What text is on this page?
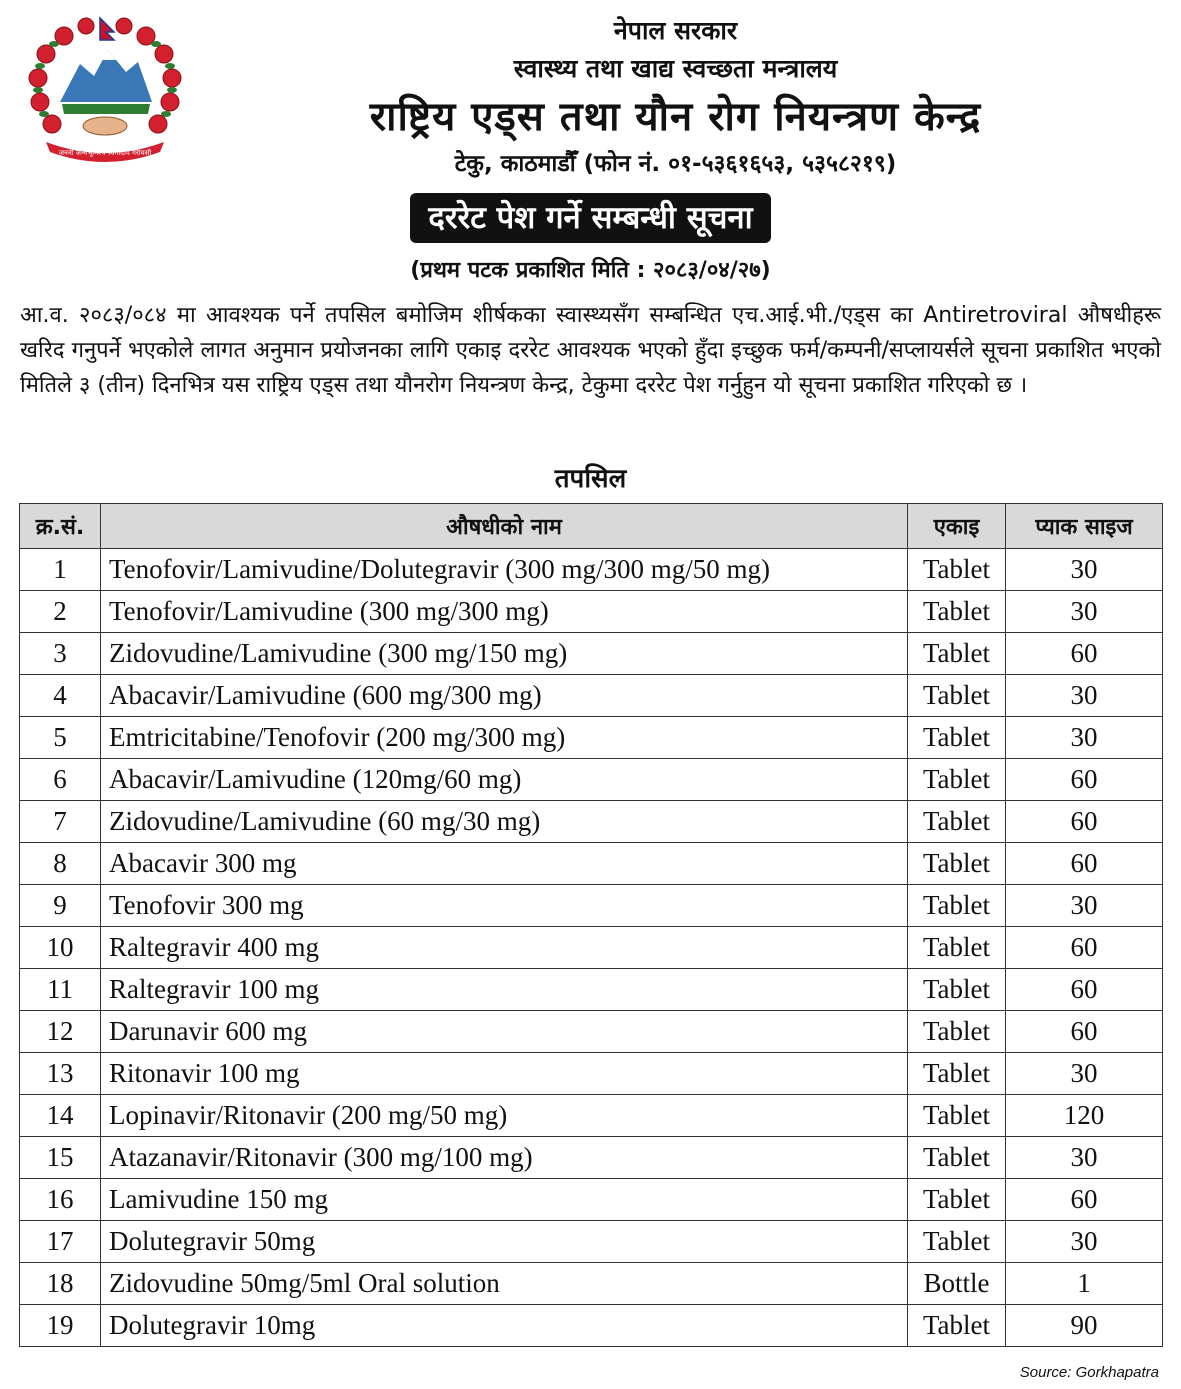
जननी जन्मभूमिश्च स्वर्गादपि गरीयसी
नेपाल सरकार
स्वास्थ्य तथा खाद्य स्वच्छता मन्त्रालय
राष्ट्रिय एड्स तथा यौन रोग नियन्त्रण केन्द्र
टेकु, काठमाडौँ (फोन नं. ०१-५३६१६५३, ५३५८२१९)
दररेट पेश गर्ने सम्बन्धी सूचना
(प्रथम पटक प्रकाशित मिति : २०८३/०४/२७)
आ.व. २०८३/०८४ मा आवश्यक पर्ने तपसिल बमोजिम शीर्षकका स्वास्थ्यसँग सम्बन्धित एच.आई.भी./एड्स का Antiretroviral औषधीहरू खरिद गनुपर्ने भएकोले लागत अनुमान प्रयोजनका लागि एकाइ दररेट आवश्यक भएको हुँदा इच्छुक फर्म/कम्पनी/सप्लायर्सले सूचना प्रकाशित भएको मितिले ३ (तीन) दिनभित्र यस राष्ट्रिय एड्स तथा यौनरोग नियन्त्रण केन्द्र, टेकुमा दररेट पेश गर्नुहुन यो सूचना प्रकाशित गरिएको छ ।
तपसिल
क्र.सं.	औषधीको नाम	एकाइ	प्याक साइज
1	Tenofovir/Lamivudine/Dolutegravir (300 mg/300 mg/50 mg)	Tablet	30
2	Tenofovir/Lamivudine (300 mg/300 mg)	Tablet	30
3	Zidovudine/Lamivudine (300 mg/150 mg)	Tablet	60
4	Abacavir/Lamivudine (600 mg/300 mg)	Tablet	30
5	Emtricitabine/Tenofovir (200 mg/300 mg)	Tablet	30
6	Abacavir/Lamivudine (120mg/60 mg)	Tablet	60
7	Zidovudine/Lamivudine (60 mg/30 mg)	Tablet	60
8	Abacavir 300 mg	Tablet	60
9	Tenofovir 300 mg	Tablet	30
10	Raltegravir 400 mg	Tablet	60
11	Raltegravir 100 mg	Tablet	60
12	Darunavir 600 mg	Tablet	60
13	Ritonavir 100 mg	Tablet	30
14	Lopinavir/Ritonavir (200 mg/50 mg)	Tablet	120
15	Atazanavir/Ritonavir (300 mg/100 mg)	Tablet	30
16	Lamivudine 150 mg	Tablet	60
17	Dolutegravir 50mg	Tablet	30
18	Zidovudine 50mg/5ml Oral solution	Bottle	1
19	Dolutegravir 10mg	Tablet	90
Source: Gorkhapatra
